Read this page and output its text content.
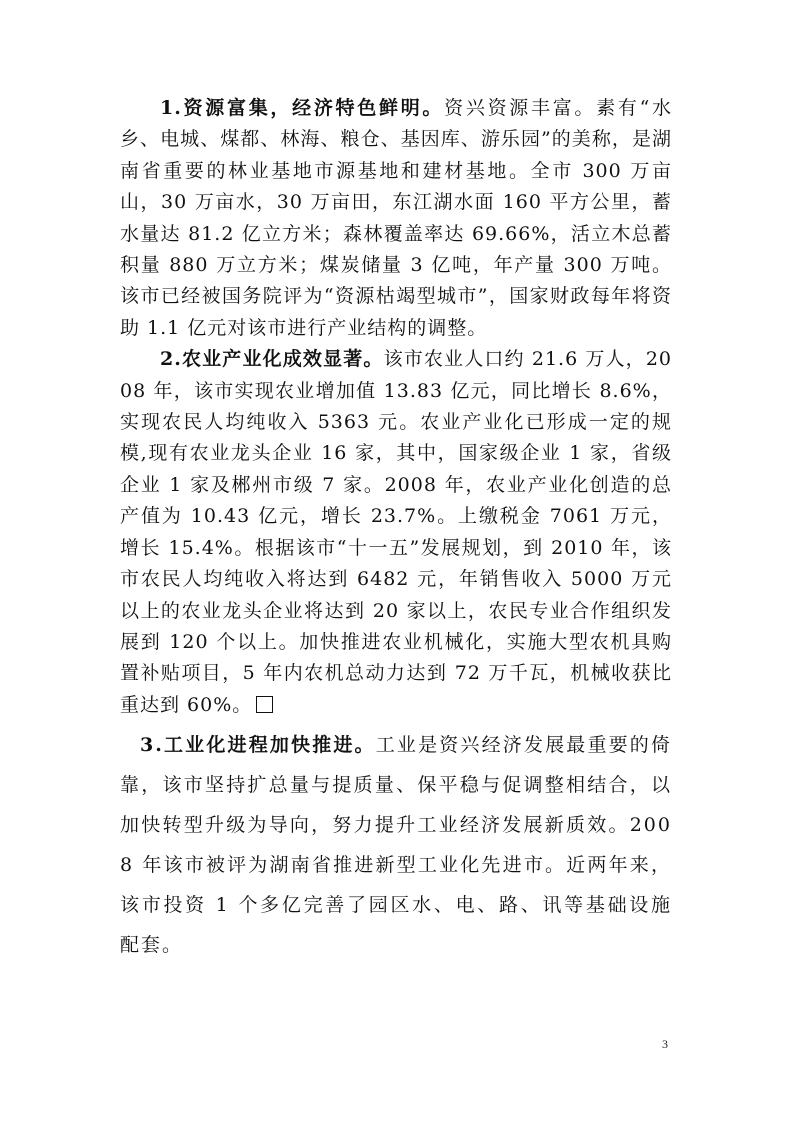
1.资源富集，经济特色鲜明。资兴资源丰富。素有“水乡、电城、煤都、林海、粮仓、基因库、游乐园”的美称，是湖南省重要的林业基地市源基地和建材基地。全市 300 万亩山，30 万亩水，30 万亩田，东江湖水面 160 平方公里，蓄水量达 81.2 亿立方米；森林覆盖率达 69.66%，活立木总蓄积量 880 万立方米；煤炭储量 3 亿吨，年产量 300 万吨。该市已经被国务院评为“资源枯竭型城市”，国家财政每年将资助 1.1 亿元对该市进行产业结构的调整。

2.农业产业化成效显著。该市农业人口约 21.6 万人，2008 年，该市实现农业增加值 13.83 亿元，同比增长 8.6%，实现农民人均纯收入 5363 元。农业产业化已形成一定的规模,现有农业龙头企业 16 家，其中，国家级企业 1 家，省级企业 1 家及郴州市级 7 家。2008 年，农业产业化创造的总产值为 10.43 亿元，增长 23.7%。上缴税金 7061 万元，增长 15.4%。根据该市“十一五”发展规划，到 2010 年，该市农民人均纯收入将达到 6482 元，年销售收入 5000 万元以上的农业龙头企业将达到 20 家以上，农民专业合作组织发展到 120 个以上。加快推进农业机械化，实施大型农机具购置补贴项目，5 年内农机总动力达到 72 万千瓦，机械收获比重达到 60%。

3.工业化进程加快推进。工业是资兴经济发展最重要的倚靠，该市坚持扩总量与提质量、保平稳与促调整相结合，以加快转型升级为导向，努力提升工业经济发展新质效。2008 年该市被评为湖南省推进新型工业化先进市。近两年来，该市投资 1 个多亿完善了园区水、电、路、讯等基础设施配套。

3
